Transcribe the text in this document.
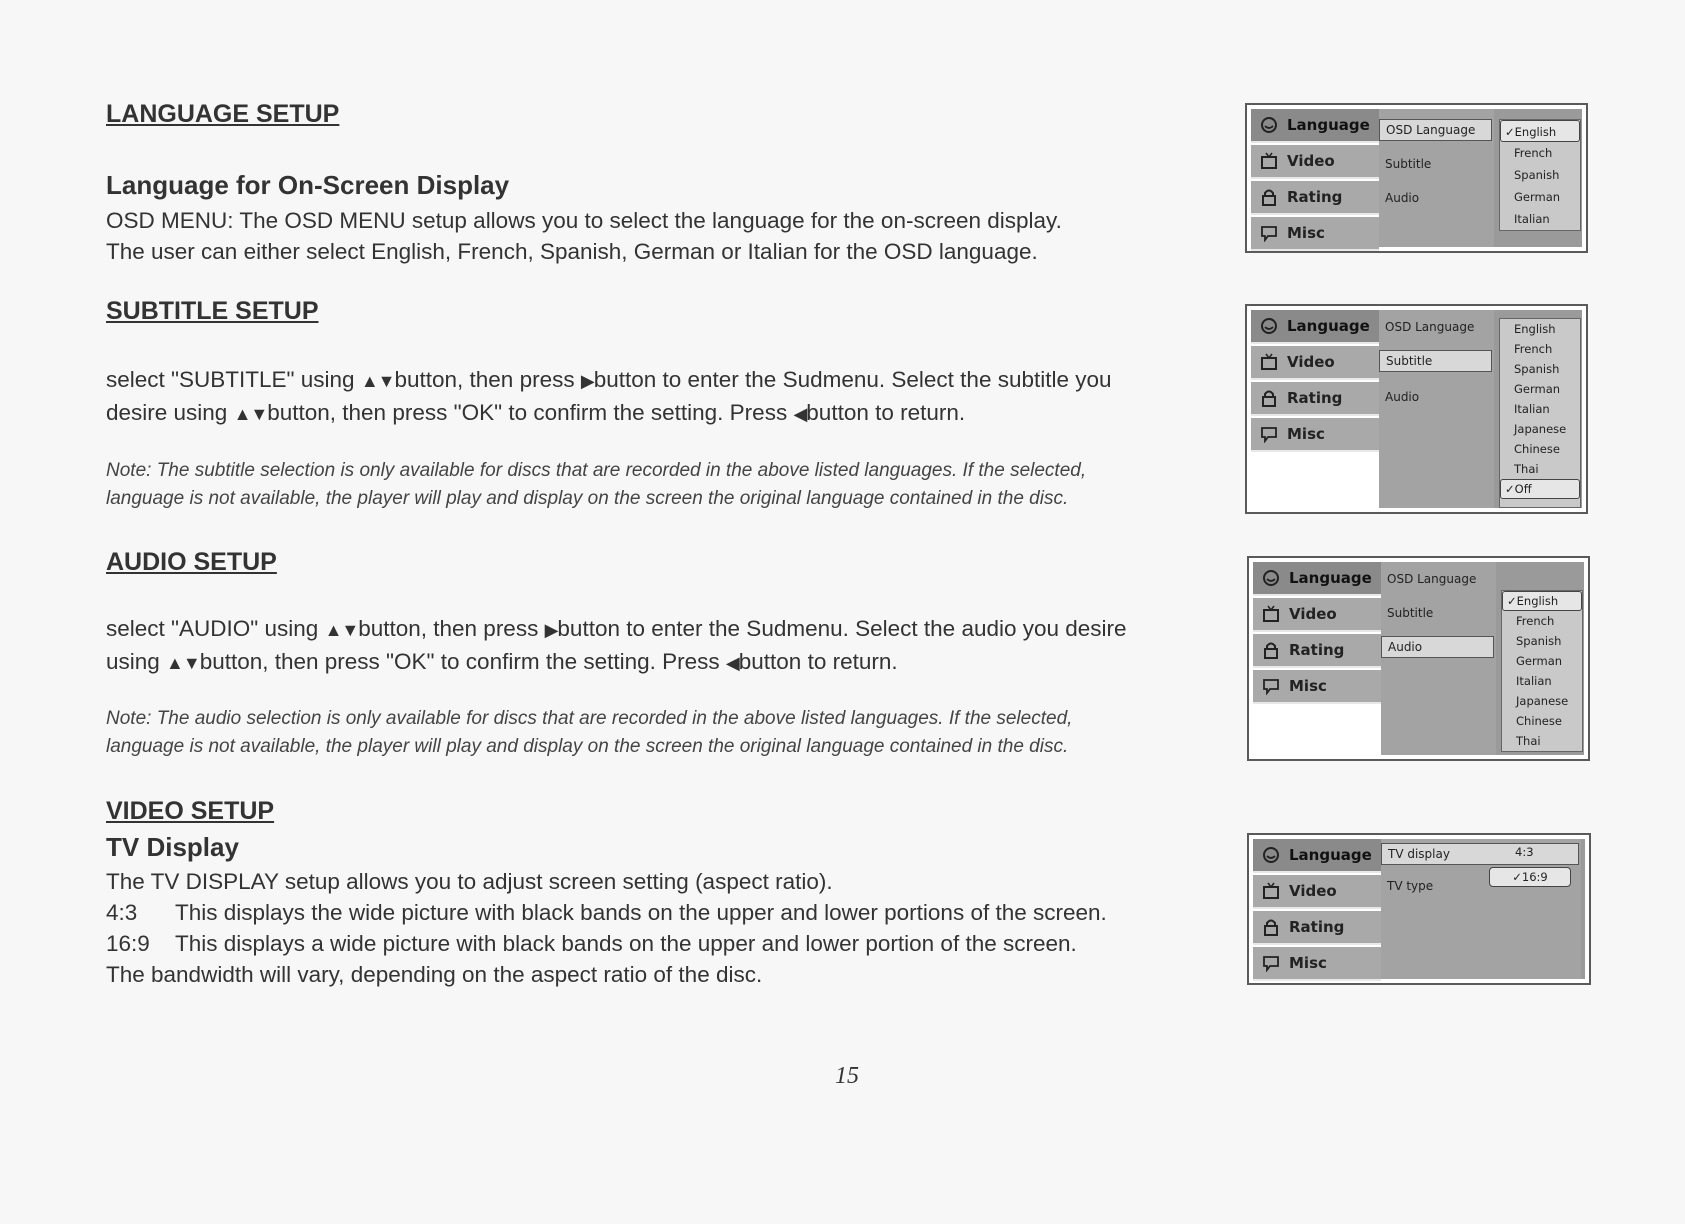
LANGUAGE SETUP

Language for On-Screen Display

OSD MENU: The OSD MENU setup allows you to select the language for the on-screen display.

The user can either select English, French, Spanish, German or Italian for the OSD language.

SUBTITLE SETUP

select "SUBTITLE" using ▲▼button, then press ▶button to enter the Sudmenu. Select the subtitle you

desire using ▲▼button, then press "OK" to confirm the setting. Press ◀button to return.

Note: The subtitle selection is only available for discs that are recorded in the above listed languages. If the selected,

language is not available, the player will play and display on the screen the original language contained in the disc.

AUDIO SETUP

select "AUDIO" using ▲▼button, then press ▶button to enter the Sudmenu. Select the audio you desire

using ▲▼button, then press "OK" to confirm the setting. Press ◀button to return.

Note: The audio selection is only available for discs that are recorded in the above listed languages. If the selected,

language is not available, the player will play and display on the screen the original language contained in the disc.

VIDEO SETUP

TV Display

The TV DISPLAY setup allows you to adjust screen setting (aspect ratio).

4:3 This displays the wide picture with black bands on the upper and lower portions of the screen.

16:9 This displays a wide picture with black bands on the upper and lower portion of the screen.

The bandwidth will vary, depending on the aspect ratio of the disc.

15
Language
Video
Rating
Misc
OSD Language
Subtitle
Audio
✓English
French
Spanish
German
Italian
Language
Video
Rating
Misc
OSD Language
Subtitle
Audio
English
French
Spanish
German
Italian
Japanese
Chinese
Thai
✓Off
Language
Video
Rating
Misc
OSD Language
Subtitle
Audio
✓English
French
Spanish
German
Italian
Japanese
Chinese
Thai
Language
Video
Rating
Misc
TV display
TV type
4:3
✓16:9
